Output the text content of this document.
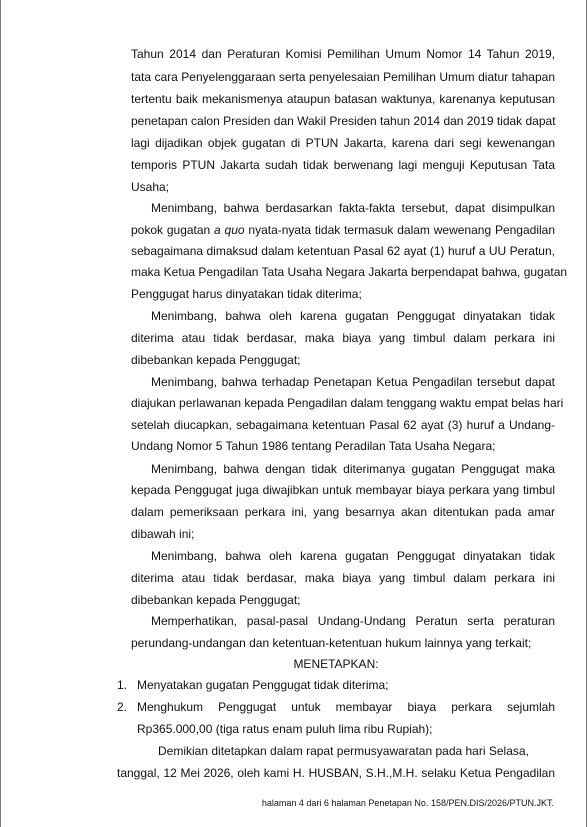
Tahun 2014 dan Peraturan Komisi Pemilihan Umum Nomor 14 Tahun 2019,
tata cara Penyelenggaraan serta penyelesaian Pemilihan Umum diatur tahapan
tertentu baik mekanismenya ataupun batasan waktunya, karenanya keputusan
penetapan calon Presiden dan Wakil Presiden tahun 2014 dan 2019 tidak dapat
lagi dijadikan objek gugatan di PTUN Jakarta, karena dari segi kewenangan
temporis PTUN Jakarta sudah tidak berwenang lagi menguji Keputusan Tata
Usaha;
Menimbang, bahwa berdasarkan fakta-fakta tersebut, dapat disimpulkan
pokok gugatan a quo nyata-nyata tidak termasuk dalam wewenang Pengadilan
sebagaimana dimaksud dalam ketentuan Pasal 62 ayat (1) huruf a UU Peratun,
maka Ketua Pengadilan Tata Usaha Negara Jakarta berpendapat bahwa, gugatan
Penggugat harus dinyatakan tidak diterima;
Menimbang, bahwa oleh karena gugatan Penggugat dinyatakan tidak
diterima atau tidak berdasar, maka biaya yang timbul dalam perkara ini
dibebankan kepada Penggugat;
Menimbang, bahwa terhadap Penetapan Ketua Pengadilan tersebut dapat
diajukan perlawanan kepada Pengadilan dalam tenggang waktu empat belas hari
setelah diucapkan, sebagaimana ketentuan Pasal 62 ayat (3) huruf a Undang-
Undang Nomor 5 Tahun 1986 tentang Peradilan Tata Usaha Negara;
Menimbang, bahwa dengan tidak diterimanya gugatan Penggugat maka
kepada Penggugat juga diwajibkan untuk membayar biaya perkara yang timbul
dalam pemeriksaan perkara ini, yang besarnya akan ditentukan pada amar
dibawah ini;
Menimbang, bahwa oleh karena gugatan Penggugat dinyatakan tidak
diterima atau tidak berdasar, maka biaya yang timbul dalam perkara ini
dibebankan kepada Penggugat;
Memperhatikan, pasal-pasal Undang-Undang Peratun serta peraturan
perundang-undangan dan ketentuan-ketentuan hukum lainnya yang terkait;
MENETAPKAN:
1. Menyatakan gugatan Penggugat tidak diterima;
2. Menghukum Penggugat untuk membayar biaya perkara sejumlah
Rp365.000,00 (tiga ratus enam puluh lima ribu Rupiah);
Demikian ditetapkan dalam rapat permusyawaratan pada hari Selasa,
tanggal, 12 Mei 2026, oleh kami H. HUSBAN, S.H.,M.H. selaku Ketua Pengadilan
halaman 4 dari 6 halaman Penetapan No. 158/PEN.DIS/2026/PTUN.JKT.
